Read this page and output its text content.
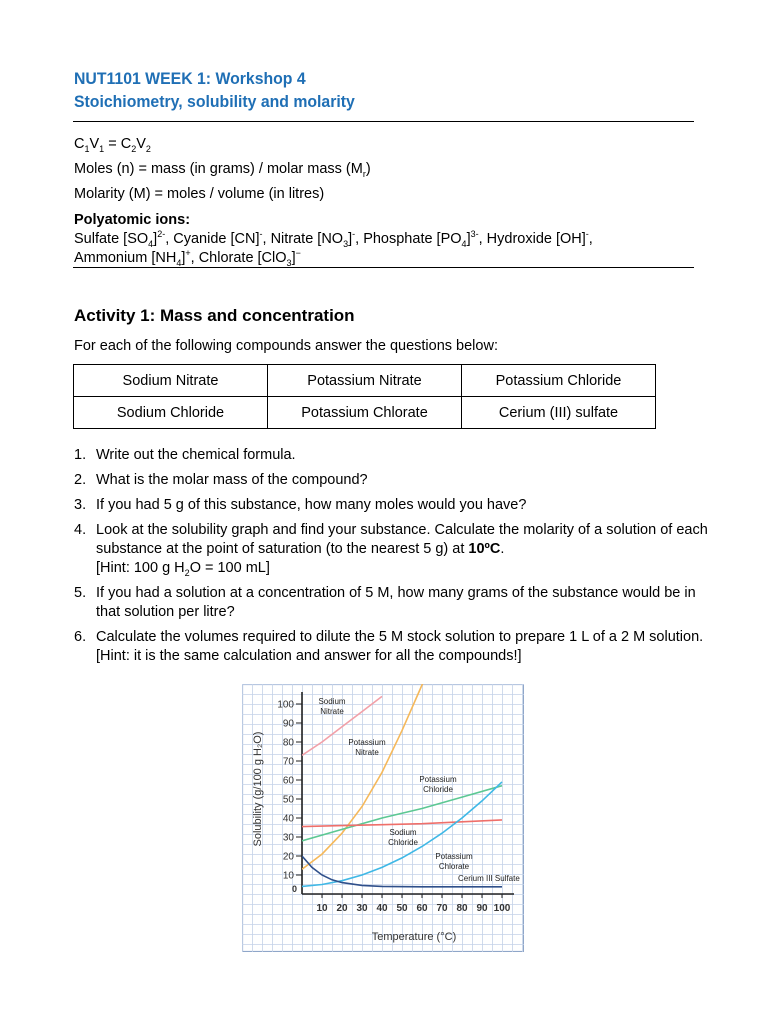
NUT1101 WEEK 1: Workshop 4
Stoichiometry, solubility and molarity
$C_1V_1 = C_2V_2$
Moles (n) = mass (in grams) / molar mass $(M_r)$
Molarity (M) = moles / volume (in litres)
Polyatomic ions:
Sulfate $[SO_4]^{2-}$, Cyanide [CN]-, Nitrate $[NO_3]^-$, Phosphate $[PO_4]^{3-}$, Hydroxide [OH]-,
Ammonium $[NH_4]^+$, Chlorate [ClO$_3$]−
Activity 1: Mass and concentration
For each of the following compounds answer the questions below:
Sodium Nitrate	Potassium Nitrate	Potassium Chloride
Sodium Chloride	Potassium Chlorate	Cerium (III) sulfate
1. Write out the chemical formula.
2. What is the molar mass of the compound?
3. If you had 5 g of this substance, how many moles would you have?
4. Look at the solubility graph and find your substance. Calculate the molarity of a solution of each substance at the point of saturation (to the nearest 5 g) at 10ºC.
[Hint: 100 g $H_2O = 100$ mL]
5. If you had a solution at a concentration of 5 M, how many grams of the substance would be in that solution per litre?
6. Calculate the volumes required to dilute the 5 M stock solution to prepare 1 L of a 2 M solution. [Hint: it is the same calculation and answer for all the compounds!]
10
20
30
40
50
60
70
80
90
100
10 20 30 40 50 60 70 80 90 100
0
Temperature (°C)
Solubility (g/100 g H₂O)
Sodium Nitrate
Potassium Nitrate
Potassium Chloride
Sodium Chloride
Potassium Chlorate
Cerium III Sulfate
